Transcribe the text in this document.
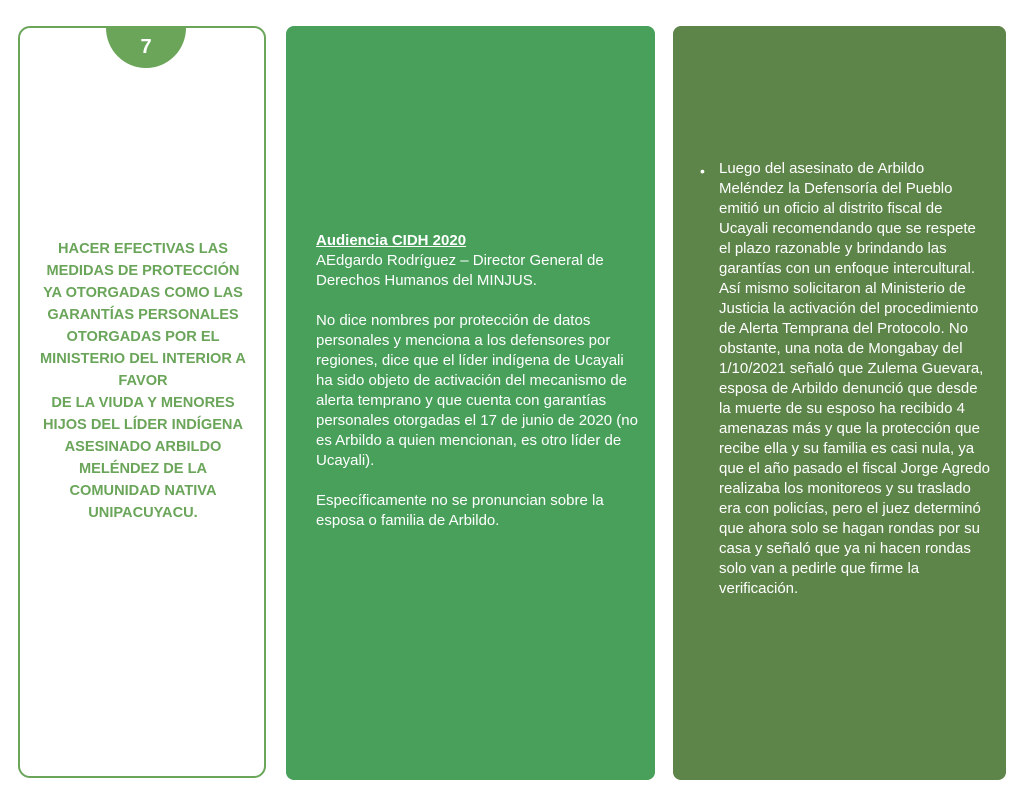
7
HACER EFECTIVAS LAS
MEDIDAS DE PROTECCIÓN
YA OTORGADAS COMO LAS
GARANTÍAS PERSONALES
OTORGADAS POR EL
MINISTERIO DEL INTERIOR A
FAVOR
DE LA VIUDA Y MENORES
HIJOS DEL LÍDER INDÍGENA
ASESINADO ARBILDO
MELÉNDEZ DE LA
COMUNIDAD NATIVA
UNIPACUYACU.

Audiencia CIDH 2020
AEdgardo Rodríguez – Director General de Derechos Humanos del MINJUS.

No dice nombres por protección de datos personales y menciona a los defensores por regiones, dice que el líder indígena de Ucayali ha sido objeto de activación del mecanismo de alerta temprano y que cuenta con garantías personales otorgadas el 17 de junio de 2020 (no es Arbildo a quien mencionan, es otro líder de Ucayali).

Específicamente no se pronuncian sobre la esposa o familia de Arbildo.

• Luego del asesinato de Arbildo Meléndez la Defensoría del Pueblo emitió un oficio al distrito fiscal de Ucayali recomendando que se respete el plazo razonable y brindando las garantías con un enfoque intercultural. Así mismo solicitaron al Ministerio de Justicia la activación del procedimiento de Alerta Temprana del Protocolo. No obstante, una nota de Mongabay del 1/10/2021 señaló que Zulema Guevara, esposa de Arbildo denunció que desde la muerte de su esposo ha recibido 4 amenazas más y que la protección que recibe ella y su familia es casi nula, ya que el año pasado el fiscal Jorge Agredo realizaba los monitoreos y su traslado era con policías, pero el juez determinó que ahora solo se hagan rondas por su casa y señaló que ya ni hacen rondas solo van a pedirle que firme la verificación.
